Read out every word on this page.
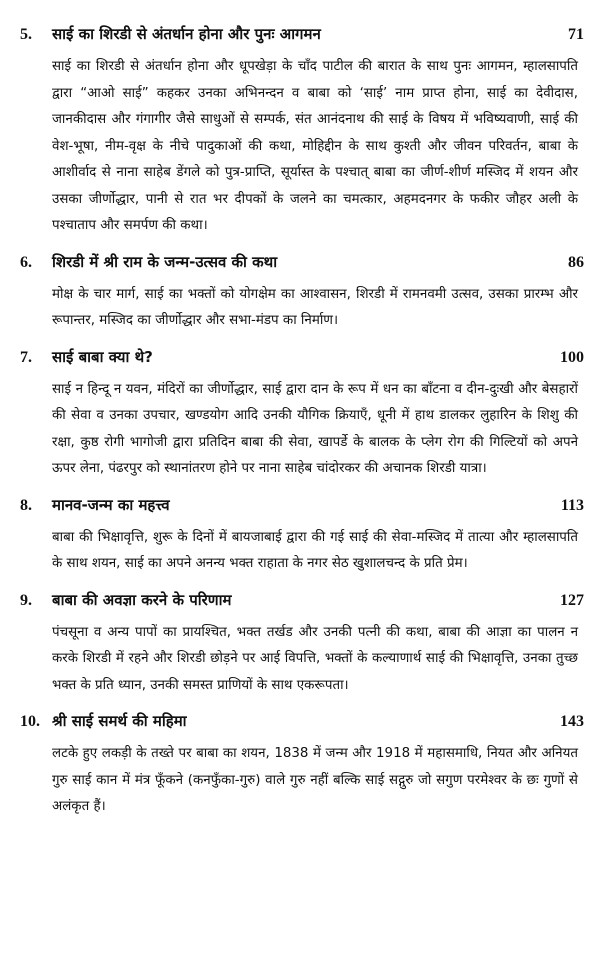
5.	साई का शिरडी से अंतर्धान होना और पुनः आगमन	71
साई का शिरडी से अंतर्धान होना और धूपखेड़ा के चाँद पाटील की बारात के साथ पुनः आगमन, म्हालसापति द्वारा “आओ साई” कहकर उनका अभिनन्दन व बाबा को ‘साई’ नाम प्राप्त होना, साई का देवीदास, जानकीदास और गंगागीर जैसे साधुओं से सम्पर्क, संत आनंदनाथ की साई के विषय में भविष्यवाणी, साई की वेश-भूषा, नीम-वृक्ष के नीचे पादुकाओं की कथा, मोहिद्दीन के साथ कुश्ती और जीवन परिवर्तन, बाबा के आशीर्वाद से नाना साहेब डेंगले को पुत्र-प्राप्ति, सूर्यास्त के पश्चात् बाबा का जीर्ण-शीर्ण मस्जिद में शयन और उसका जीर्णोद्धार, पानी से रात भर दीपकों के जलने का चमत्कार, अहमदनगर के फकीर जौहर अली के पश्चाताप और समर्पण की कथा।
6.	शिरडी में श्री राम के जन्म-उत्सव की कथा	86
मोक्ष के चार मार्ग, साई का भक्तों को योगक्षेम का आश्वासन, शिरडी में रामनवमी उत्सव, उसका प्रारम्भ और रूपान्तर, मस्जिद का जीर्णोद्धार और सभा-मंडप का निर्माण।
7.	साई बाबा क्या थे?	100
साई न हिन्दू न यवन, मंदिरों का जीर्णोद्धार, साई द्वारा दान के रूप में धन का बाँटना व दीन-दुःखी और बेसहारों की सेवा व उनका उपचार, खण्डयोग आदि उनकी यौगिक क्रियाएँ, धूनी में हाथ डालकर लुहारिन के शिशु की रक्षा, कुष्ठ रोगी भागोजी द्वारा प्रतिदिन बाबा की सेवा, खापर्डे के बालक के प्लेग रोग की गिल्टियों को अपने ऊपर लेना, पंढरपुर को स्थानांतरण होने पर नाना साहेब चांदोरकर की अचानक शिरडी यात्रा।
8.	मानव-जन्म का महत्त्व	113
बाबा की भिक्षावृत्ति, शुरू के दिनों में बायजाबाई द्वारा की गई साई की सेवा-मस्जिद में तात्या और म्हालसापति के साथ शयन, साई का अपने अनन्य भक्त राहाता के नगर सेठ खुशालचन्द के प्रति प्रेम।
9.	बाबा की अवज्ञा करने के परिणाम	127
पंचसूना व अन्य पापों का प्रायश्चित, भक्त तर्खड और उनकी पत्नी की कथा, बाबा की आज्ञा का पालन न करके शिरडी में रहने और शिरडी छोड़ने पर आई विपत्ति, भक्तों के कल्याणार्थ साई की भिक्षावृत्ति, उनका तुच्छ भक्त के प्रति ध्यान, उनकी समस्त प्राणियों के साथ एकरूपता।
10. श्री साई समर्थ की महिमा	143
लटके हुए लकड़ी के तख्ते पर बाबा का शयन, 1838 में जन्म और 1918 में महासमाधि, नियत और अनियत गुरु साई कान में मंत्र फूँकने (कनफुँका-गुरु) वाले गुरु नहीं बल्कि साई सद्गुरु जो सगुण परमेश्वर के छः गुणों से अलंकृत हैं।
